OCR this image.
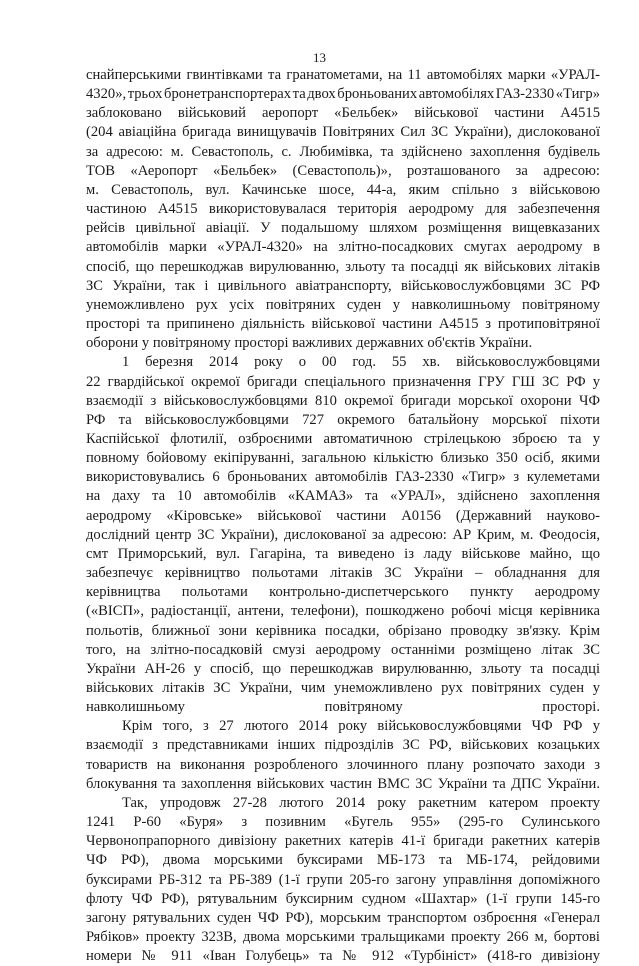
13

снайперськими гвинтівками та гранатометами, на 11 автомобілях марки «УРАЛ-
4320», трьох бронетранспортерах та двох броньованих автомобілях ГАЗ-2330 «Тигр»
заблоковано військовий аеропорт «Бельбек» військової частини А4515
(204 авіаційна бригада винищувачів Повітряних Сил ЗС України), дислокованої
за адресою: м. Севастополь, с. Любимівка, та здійснено захоплення будівель
ТОВ «Аеропорт «Бельбек» (Севастополь)», розташованого за адресою:
м. Севастополь, вул. Качинське шосе, 44-а, яким спільно з військовою
частиною А4515 використовувалася територія аеродрому для забезпечення
рейсів цивільної авіації. У подальшому шляхом розміщення вищевказаних
автомобілів марки «УРАЛ-4320» на злітно-посадкових смугах аеродрому в
спосіб, що перешкоджав вирулюванню, зльоту та посадці як військових літаків
ЗС України, так і цивільного авіатранспорту, військовослужбовцями ЗС РФ
унеможливлено рух усіх повітряних суден у навколишньому повітряному
просторі та припинено діяльність військової частини А4515 з протиповітряної
оборони у повітряному просторі важливих державних об'єктів України.

1 березня 2014 року о 00 год. 55 хв. військовослужбовцями
22 гвардійської окремої бригади спеціального призначення ГРУ ГШ ЗС РФ у
взаємодії з військовослужбовцями 810 окремої бригади морської охорони ЧФ
РФ та військовослужбовцями 727 окремого батальйону морської піхоти
Каспійської флотилії, озброєними автоматичною стрілецькою зброєю та у
повному бойовому екіпіруванні, загальною кількістю близько 350 осіб, якими
використовувались 6 броньованих автомобілів ГАЗ-2330 «Тигр» з кулеметами
на даху та 10 автомобілів «КАМАЗ» та «УРАЛ», здійснено захоплення
аеродрому «Кіровське» військової частини А0156 (Державний науково-
дослідний центр ЗС України), дислокованої за адресою: АР Крим, м. Феодосія,
смт Приморський, вул. Гагаріна, та виведено із ладу військове майно, що
забезпечує керівництво польотами літаків ЗС України – обладнання для
керівництва польотами контрольно-диспетчерського пункту аеродрому
(«ВІСП», радіостанції, антени, телефони), пошкоджено робочі місця керівника
польотів, ближньої зони керівника посадки, обрізано проводку зв'язку. Крім
того, на злітно-посадковій смузі аеродрому останніми розміщено літак ЗС
України АН-26 у спосіб, що перешкоджав вирулюванню, зльоту та посадці
військових літаків ЗС України, чим унеможливлено рух повітряних суден у
навколишньому повітряному просторі.

Крім того, з 27 лютого 2014 року військовослужбовцями ЧФ РФ у
взаємодії з представниками інших підрозділів ЗС РФ, військових козацьких
товариств на виконання розробленого злочинного плану розпочато заходи з
блокування та захоплення військових частин ВМС ЗС України та ДПС України.

Так, упродовж 27-28 лютого 2014 року ракетним катером проекту
1241 Р-60 «Буря» з позивним «Бугель 955» (295-го Сулинського
Червонопрапорного дивізіону ракетних катерів 41-ї бригади ракетних катерів
ЧФ РФ), двома морськими буксирами МБ-173 та МБ-174, рейдовими
буксирами РБ-312 та РБ-389 (1-ї групи 205-го загону управління допоміжного
флоту ЧФ РФ), рятувальним буксирним судном «Шахтар» (1-ї групи 145-го
загону рятувальних суден ЧФ РФ), морським транспортом озброєння «Генерал
Рябіков» проекту 323В, двома морськими тральщиками проекту 266 м, бортові
номери № 911 «Іван Голубець» та № 912 «Турбініст» (418-го дивізіону
